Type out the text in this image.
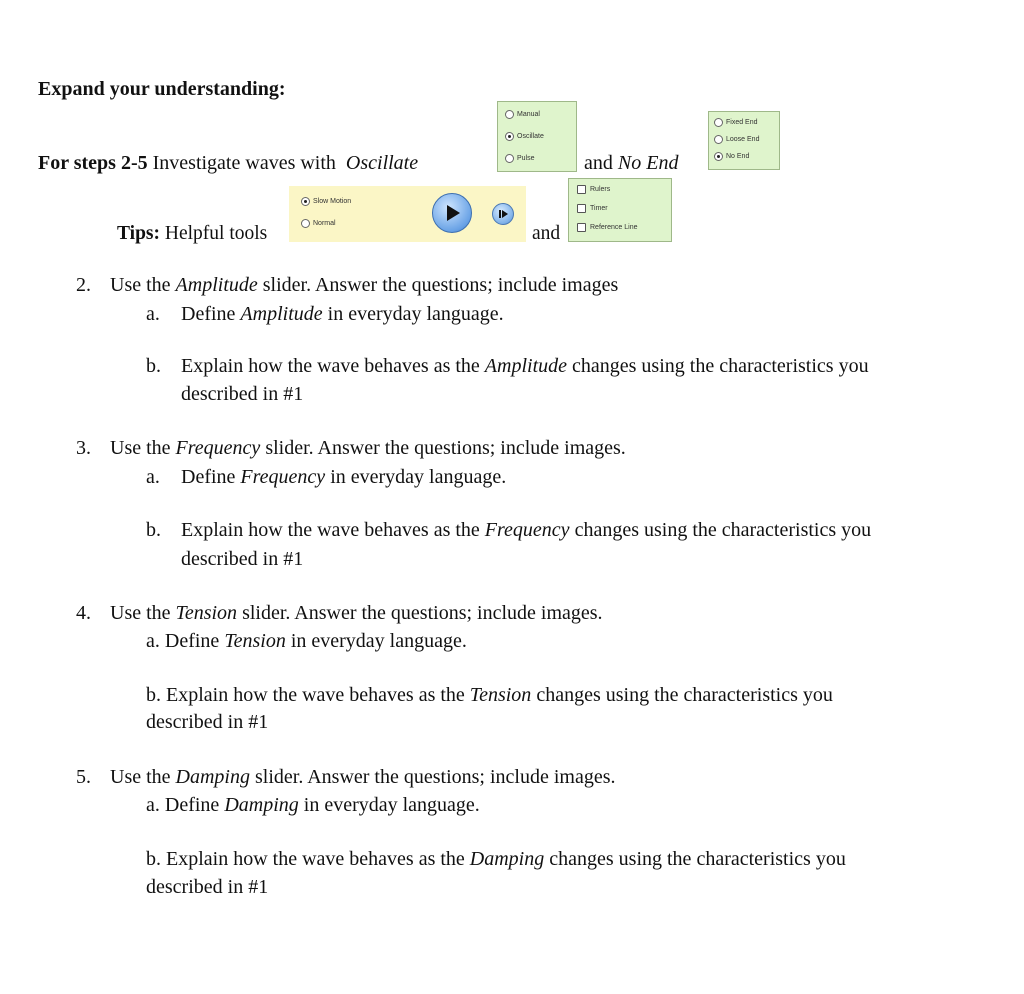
Expand your understanding:
For steps 2-5 Investigate waves with  Oscillate
Manual
Oscillate
Pulse and No End
Fixed End
Loose End
No End
Tips: Helpful tools
Slow Motion
Normal	and
Rulers
Timer
Reference Line
2. Use the Amplitude slider. Answer the questions; include images
a. Define Amplitude in everyday language.
b. Explain how the wave behaves as the Amplitude changes using the characteristics you
described in #1
3. Use the Frequency slider. Answer the questions; include images.
a. Define Frequency in everyday language.
b. Explain how the wave behaves as the Frequency changes using the characteristics you
described in #1
4. Use the Tension slider. Answer the questions; include images.
a. Define Tension in everyday language.
b. Explain how the wave behaves as the Tension changes using the characteristics you
described in #1
5. Use the Damping slider. Answer the questions; include images.
a. Define Damping in everyday language.
b. Explain how the wave behaves as the Damping changes using the characteristics you
described in #1
